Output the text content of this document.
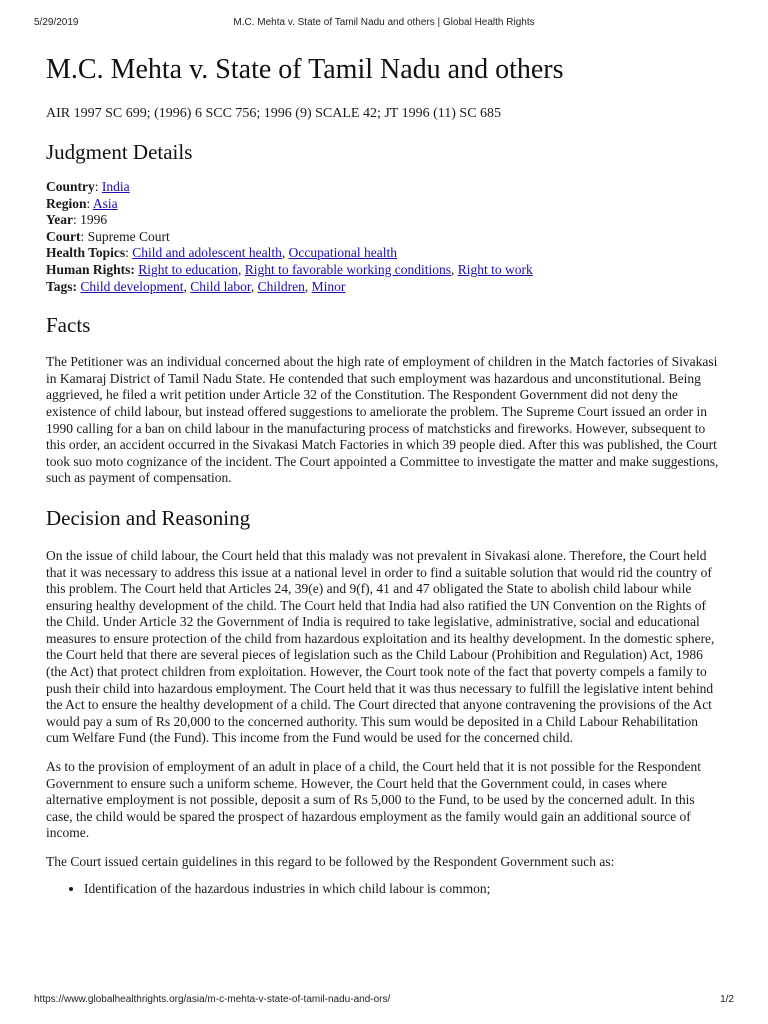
5/29/2019	M.C. Mehta v. State of Tamil Nadu and others | Global Health Rights
M.C. Mehta v. State of Tamil Nadu and others
AIR 1997 SC 699; (1996) 6 SCC 756; 1996 (9) SCALE 42; JT 1996 (11) SC 685
Judgment Details
Country: India
Region: Asia
Year: 1996
Court: Supreme Court
Health Topics: Child and adolescent health, Occupational health
Human Rights: Right to education, Right to favorable working conditions, Right to work
Tags: Child development, Child labor, Children, Minor
Facts

The Petitioner was an individual concerned about the high rate of employment of children in the Match factories of Sivakasi in Kamaraj District of Tamil Nadu State. He contended that such employment was hazardous and unconstitutional. Being aggrieved, he filed a writ petition under Article 32 of the Constitution. The Respondent Government did not deny the existence of child labour, but instead offered suggestions to ameliorate the problem. The Supreme Court issued an order in 1990 calling for a ban on child labour in the manufacturing process of matchsticks and fireworks. However, subsequent to this order, an accident occurred in the Sivakasi Match Factories in which 39 people died. After this was published, the Court took suo moto cognizance of the incident. The Court appointed a Committee to investigate the matter and make suggestions, such as payment of compensation.

Decision and Reasoning

On the issue of child labour, the Court held that this malady was not prevalent in Sivakasi alone. Therefore, the Court held that it was necessary to address this issue at a national level in order to find a suitable solution that would rid the country of this problem. The Court held that Articles 24, 39(e) and 9(f), 41 and 47 obligated the State to abolish child labour while ensuring healthy development of the child. The Court held that India had also ratified the UN Convention on the Rights of the Child. Under Article 32 the Government of India is required to take legislative, administrative, social and educational measures to ensure protection of the child from hazardous exploitation and its healthy development. In the domestic sphere, the Court held that there are several pieces of legislation such as the Child Labour (Prohibition and Regulation) Act, 1986 (the Act) that protect children from exploitation. However, the Court took note of the fact that poverty compels a family to push their child into hazardous employment. The Court held that it was thus necessary to fulfill the legislative intent behind the Act to ensure the healthy development of a child. The Court directed that anyone contravening the provisions of the Act would pay a sum of Rs 20,000 to the concerned authority. This sum would be deposited in a Child Labour Rehabilitation cum Welfare Fund (the Fund). This income from the Fund would be used for the concerned child.

As to the provision of employment of an adult in place of a child, the Court held that it is not possible for the Respondent Government to ensure such a uniform scheme. However, the Court held that the Government could, in cases where alternative employment is not possible, deposit a sum of Rs 5,000 to the Fund, to be used by the concerned adult. In this case, the child would be spared the prospect of hazardous employment as the family would gain an additional source of income.

The Court issued certain guidelines in this regard to be followed by the Respondent Government such as:

• Identification of the hazardous industries in which child labour is common;
https://www.globalhealthrights.org/asia/m-c-mehta-v-state-of-tamil-nadu-and-ors/	1/2
